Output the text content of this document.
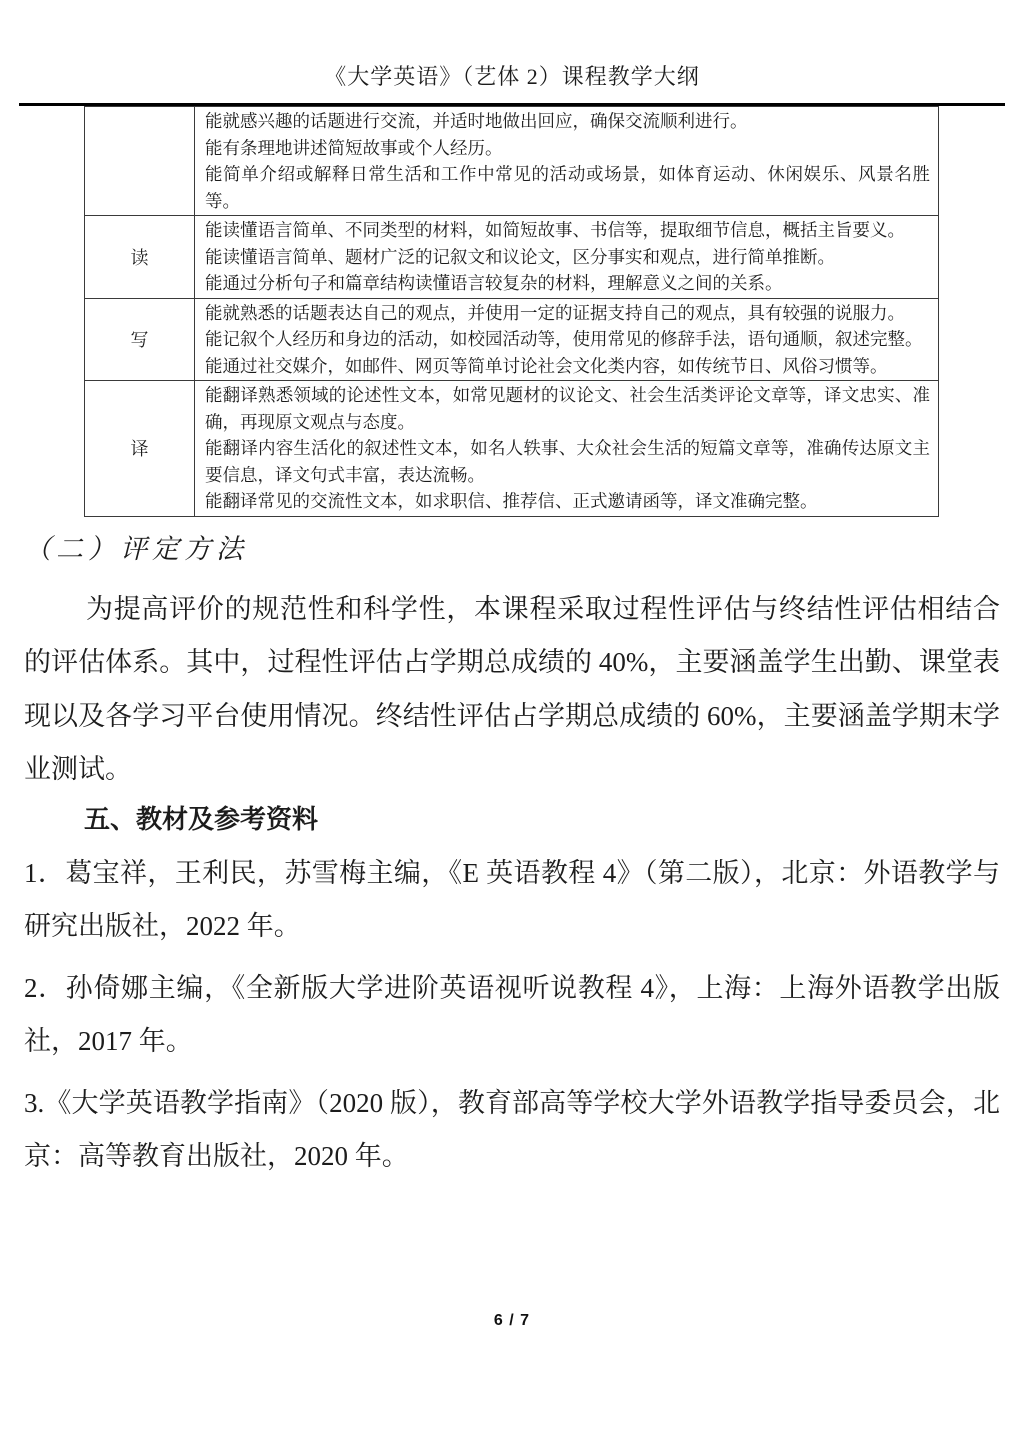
《大学英语》（艺体 2）课程教学大纲

	能就感兴趣的话题进行交流，并适时地做出回应，确保交流顺利进行。
能有条理地讲述简短故事或个人经历。
能简单介绍或解释日常生活和工作中常见的活动或场景，如体育运动、休闲娱乐、风景名胜等。

读	能读懂语言简单、不同类型的材料，如简短故事、书信等，提取细节信息，概括主旨要义。
能读懂语言简单、题材广泛的记叙文和议论文，区分事实和观点，进行简单推断。
能通过分析句子和篇章结构读懂语言较复杂的材料，理解意义之间的关系。

写	能就熟悉的话题表达自己的观点，并使用一定的证据支持自己的观点，具有较强的说服力。
能记叙个人经历和身边的活动，如校园活动等，使用常见的修辞手法，语句通顺，叙述完整。
能通过社交媒介，如邮件、网页等简单讨论社会文化类内容，如传统节日、风俗习惯等。

译	能翻译熟悉领域的论述性文本，如常见题材的议论文、社会生活类评论文章等，译文忠实、准确，再现原文观点与态度。
能翻译内容生活化的叙述性文本，如名人轶事、大众社会生活的短篇文章等，准确传达原文主要信息，译文句式丰富，表达流畅。
能翻译常见的交流性文本，如求职信、推荐信、正式邀请函等，译文准确完整。
（二）评定方法

为提高评价的规范性和科学性，本课程采取过程性评估与终结性评估相结合的评估体系。其中，过程性评估占学期总成绩的 40%，主要涵盖学生出勤、课堂表现以及各学习平台使用情况。终结性评估占学期总成绩的 60%，主要涵盖学期末学业测试。

五、教材及参考资料

1．葛宝祥，王利民，苏雪梅主编，《E 英语教程 4》（第二版），北京：外语教学与研究出版社，2022 年。

2．孙倚娜主编，《全新版大学进阶英语视听说教程 4》，上海：上海外语教学出版社，2017 年。

3.《大学英语教学指南》（2020 版），教育部高等学校大学外语教学指导委员会，北京：高等教育出版社，2020 年。

6 / 7
